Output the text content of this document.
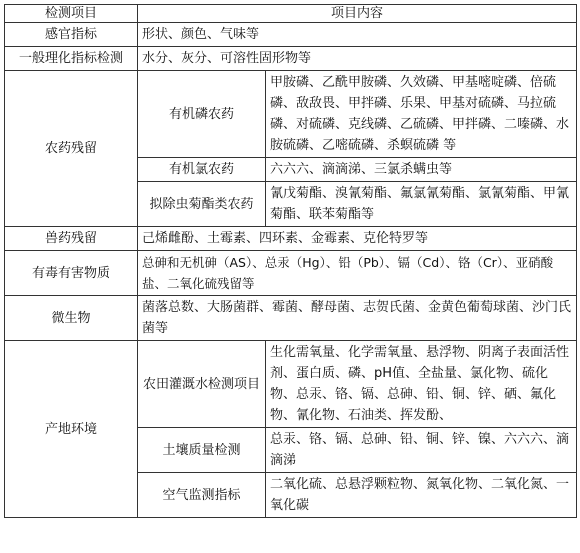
检测项目	项目内容	
感官指标	形状、颜色、气味等	
一般理化指标检测	水分、灰分、可溶性固形物等	
农药残留	有机磷农药	甲胺磷、乙酰甲胺磷、久效磷、甲基嘧啶磷、倍硫磷、敌敌畏、甲拌磷、乐果、甲基对硫磷、马拉硫磷、对硫磷、克线磷、乙硫磷、甲拌磷、二嗪磷、水胺硫磷、乙嘧硫磷、杀螟硫磷 等
	有机氯农药	六六六、滴滴涕、三氯杀螨虫等
	拟除虫菊酯类农药	氰戊菊酯、溴氰菊酯、氟氯氰菊酯、氯氰菊酯、甲氰菊酯、联苯菊酯等
兽药残留	己烯雌酚、土霉素、四环素、金霉素、克伦特罗等	
有毒有害物质	总砷和无机砷（AS）、总汞（Hg）、铅（Pb）、镉（Cd）、铬（Cr）、亚硝酸盐、二氧化硫残留等	
微生物	菌落总数、大肠菌群、霉菌、酵母菌、志贺氏菌、金黄色葡萄球菌、沙门氏菌等	
产地环境	农田灌溉水检测项目	生化需氧量、化学需氧量、悬浮物、阴离子表面活性剂、蛋白质、磷、pH值、全盐量、氯化物、硫化物、总汞、铬、镉、总砷、铅、铜、锌、硒、氟化物、氰化物、石油类、挥发酚、
	土壤质量检测	总汞、铬、镉、总砷、铅、铜、锌、镍、六六六、滴滴涕
	空气监测指标	二氧化硫、总悬浮颗粒物、氮氧化物、二氧化氮、一氧化碳
